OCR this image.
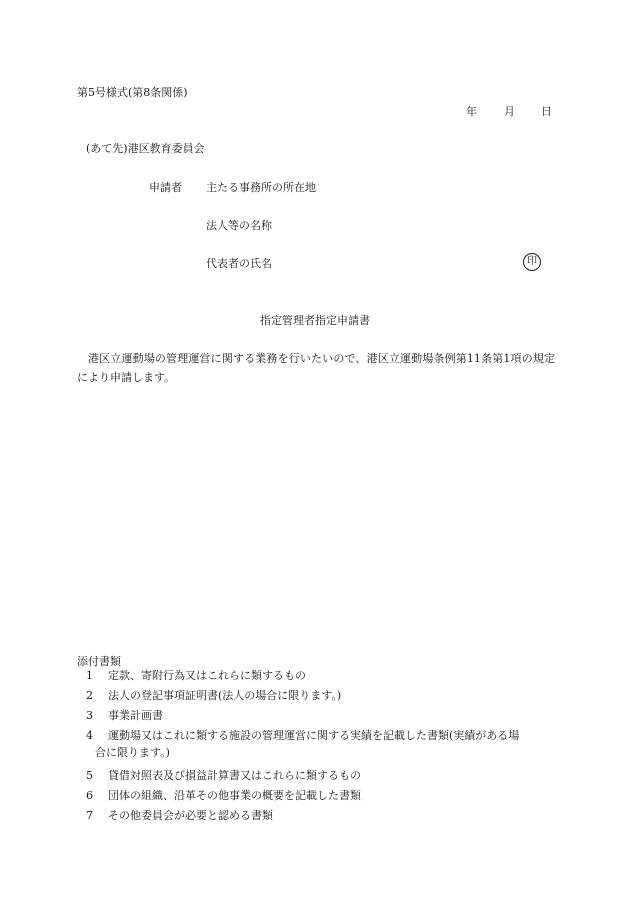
第5号様式(第8条関係)
年 月 日
(あて先)港区教育委員会
申請者 主たる事務所の所在地
法人等の名称
代表者の氏名	印
指定管理者指定申請書
港区立運動場の管理運営に関する業務を行いたいので、港区立運動場条例第11条第1項の規定により申請します。
添付書類
1 定款、寄附行為又はこれらに類するもの
2 法人の登記事項証明書(法人の場合に限ります。)
3 事業計画書
4 運動場又はこれに類する施設の管理運営に関する実績を記載した書類(実績がある場
合に限ります。)
5 貸借対照表及び損益計算書又はこれらに類するもの
6 団体の組織、沿革その他事業の概要を記載した書類
7 その他委員会が必要と認める書類
